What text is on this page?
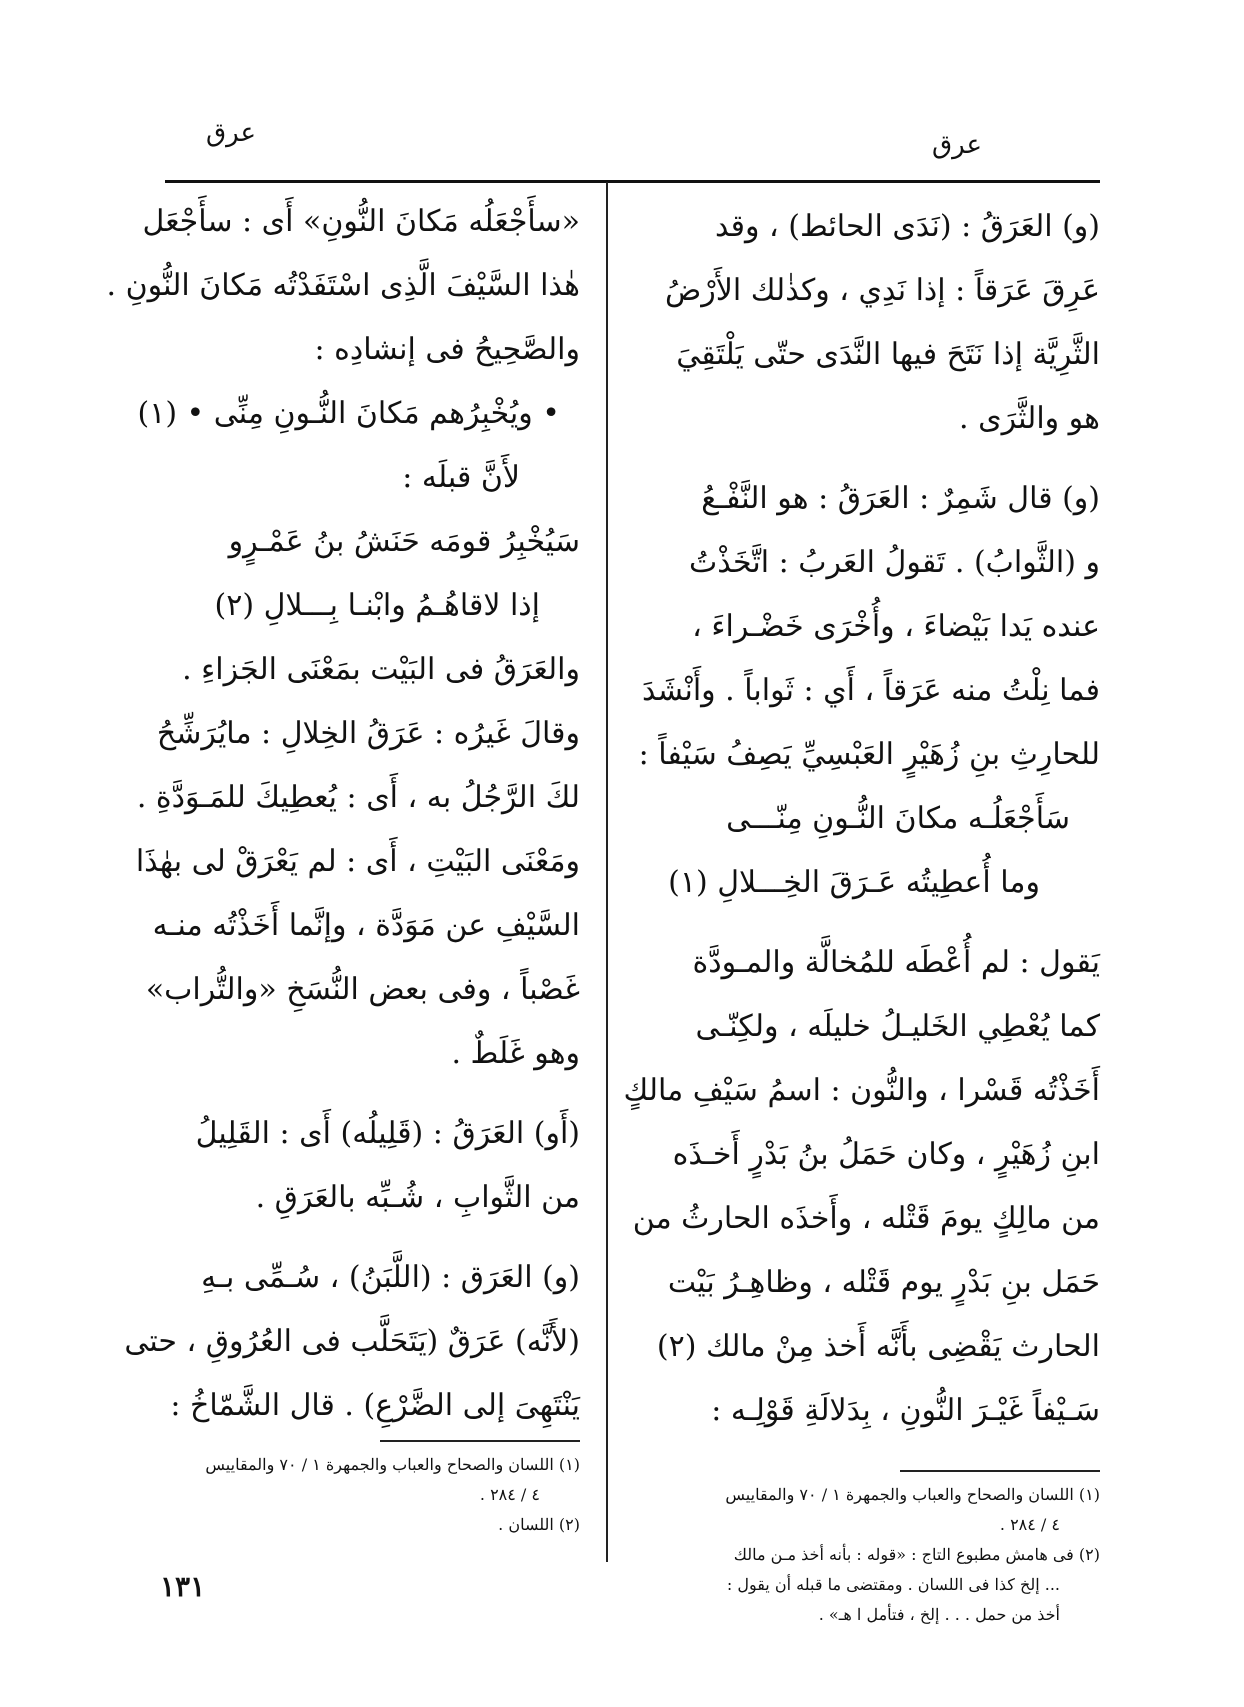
عرق
عرق
(و) العَرَقُ : (نَدَى الحائط) ، وقد
عَرِقَ عَرَقاً : إذا نَدِي ، وكذٰلك الأَرْضُ
الثَّرِيَّة إذا نَتَحَ فيها النَّدَى حتّى يَلْتَقِيَ
هو والثَّرَى .
(و) قال شَمِرٌ : العَرَقُ : هو النَّفْـعُ
و (الثَّوابُ) . تَقولُ العَربُ : اتَّخَذْتُ
عنده يَدا بَيْضاءَ ، وأُخْرَى خَضْـراءَ ،
فما نِلْتُ منه عَرَقاً ، أَي : ثَواباً . وأَنْشَدَ
للحارِثِ بنِ زُهَيْرٍ العَبْسِيِّ يَصِفُ سَيْفاً :
سَأَجْعَلُـه مكانَ النُّـونِ مِنّـــى
وما أُعطِيتُه عَـرَقَ الخِـــلالِ (١)
يَقول : لم أُعْطَه للمُخالَّة والمـودَّة
كما يُعْطِي الخَليـلُ خليلَه ، ولكِنّـى
أَخَذْتُه قَسْرا ، والنُّون : اسمُ سَيْفِ مالكٍ
ابنِ زُهَيْرٍ ، وكان حَمَلُ بنُ بَدْرٍ أَخـذَه
من مالِكٍ يومَ قَتْله ، وأَخذَه الحارثُ من
حَمَل بنِ بَدْرٍ يوم قَتْله ، وظاهِـرُ بَيْت
الحارث يَقْضِى بأَنَّه أَخذ مِنْ مالك (٢)
سَـيْفاً غَيْـرَ النُّونِ ، بِدَلالَةِ قَوْلِـه :
«سأَجْعَلُه مَكانَ النُّونِ» أَى : سأَجْعَل
هٰذا السَّيْفَ الَّذِى اسْتَفَدْتُه مَكانَ النُّونِ .
والصَّحِيحُ فى إنشادِه :
• ويُخْبِرُهم مَكانَ النُّـونِ مِنِّى • (١)
لأَنَّ قبلَه :
سَيُخْبِرُ قومَه حَنَشُ بنُ عَمْـرٍو
إذا لاقاهُـمُ وابْنـا بِـــلالِ (٢)
والعَرَقُ فى البَيْت بمَعْنَى الجَزاءِ .
وقالَ غَيرُه : عَرَقُ الخِلالِ : مايُرَشِّحُ
لكَ الرَّجُلُ به ، أَى : يُعطِيكَ للمَـوَدَّةِ .
ومَعْنَى البَيْتِ ، أَى : لم يَعْرَقْ لى بهٰذَا
السَّيْفِ عن مَوَدَّة ، وإنَّما أَخَذْتُه منـه
غَصْباً ، وفى بعض النُّسَخِ «والتُّراب»
وهو غَلَطٌ .
(أَو) العَرَقُ : (قَلِيلُه) أَى : القَلِيلُ
من الثَّوابِ ، شُـبِّه بالعَرَقِ .
(و) العَرَق : (اللَّبَنُ) ، سُـمِّى بـهِ
(لأَنَّه) عَرَقٌ (يَتَحَلَّب فى العُرُوقِ ، حتى
يَنْتَهِىَ إلى الضَّرْعِ) . قال الشَّمّاخُ :
(١) اللسان والصحاح والعباب والجمهرة ١ / ٧٠ والمقاييس
٤ / ٢٨٤ .
(٢) فى هامش مطبوع التاج : «قوله : بأنه أخذ مـن مالك
... إلخ كذا فى اللسان . ومقتضى ما قبله أن يقول :
أخذ من حمل . . . إلخ ، فتأمل ا هـ» .
(١) اللسان والصحاح والعباب والجمهرة ١ / ٧٠ والمقاييس
٤ / ٢٨٤ .
(٢) اللسان .
١٣١
